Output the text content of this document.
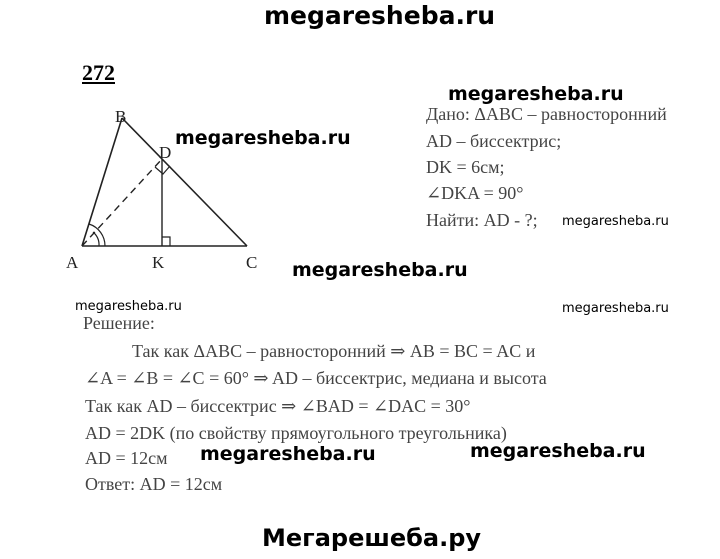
megaresheba.ru
272
B
D
A	K	C
megaresheba.ru
megaresheba.ru
Дано: ΔABC – равносторонний
AD – биссектрис;
DK = 6см;
∠DKA = 90°
Найти: AD - ?; megaresheba.ru
megaresheba.ru
megaresheba.ru	megaresheba.ru
Решение:
Так как ΔABC – равносторонний ⇒ AB = BC = AC и
∠A = ∠B = ∠C = 60° ⇒ AD – биссектрис, медиана и высота
Так как AD – биссектрис ⇒ ∠BAD = ∠DAC = 30°
AD = 2DK (по свойству прямоугольного треугольника)
AD = 12см
Ответ: AD = 12см
megaresheba.ru	megaresheba.ru
Мегарешеба.ру
